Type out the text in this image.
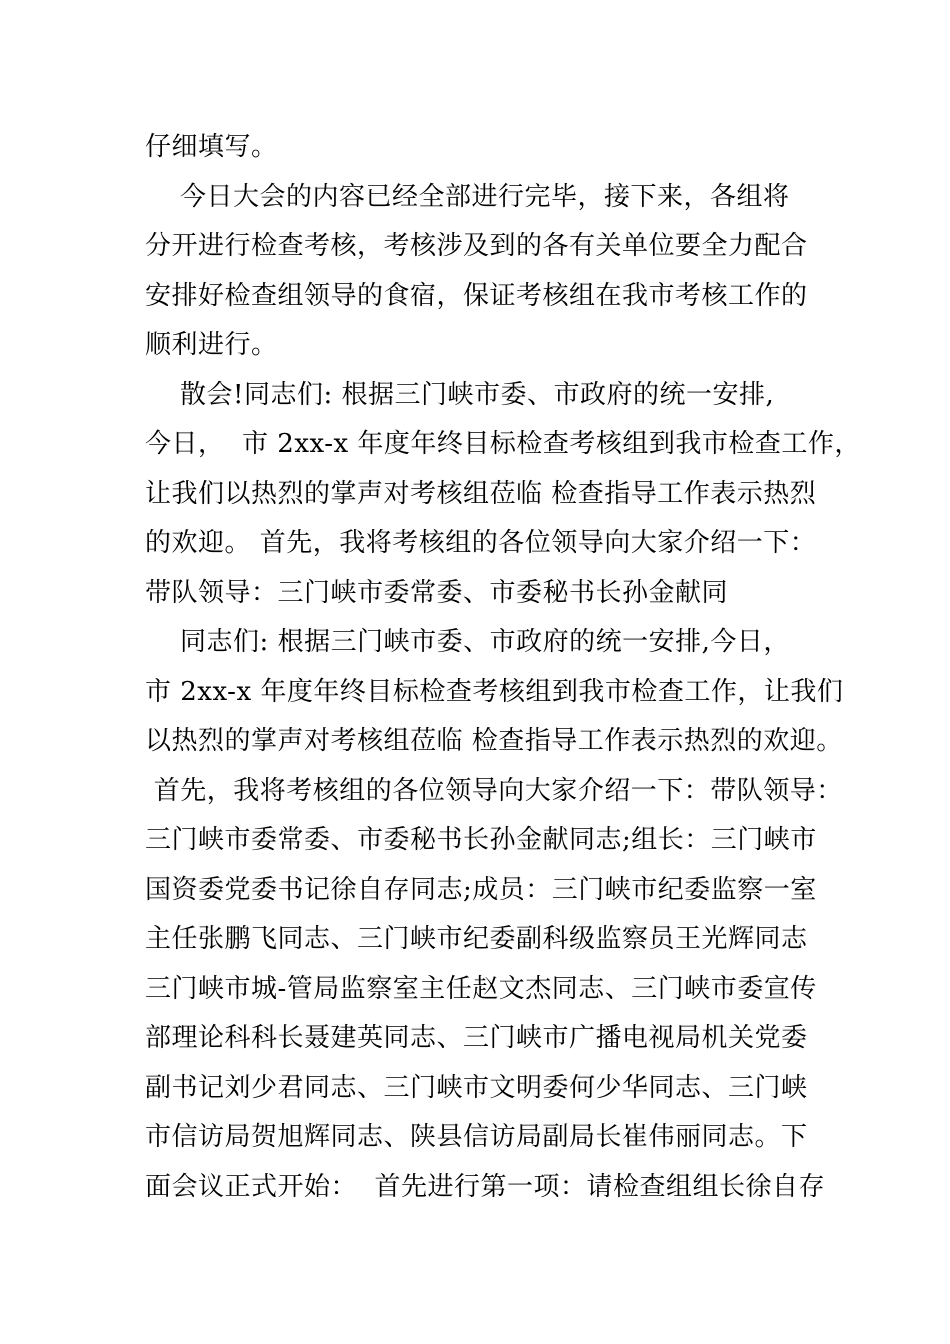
仔细填写。
今日大会的内容已经全部进行完毕，接下来，各组将
分开进行检查考核，考核涉及到的各有关单位要全力配合
安排好检查组领导的食宿，保证考核组在我市考核工作的
顺利进行。
散会!同志们: 根据三门峡市委、市政府的统一安排,
今日，  市 2xx-x 年度年终目标检查考核组到我市检查工作，
让我们以热烈的掌声对考核组莅临 检查指导工作表示热烈
的欢迎。 首先，我将考核组的各位领导向大家介绍一下：
带队领导：三门峡市委常委、市委秘书长孙金献同
同志们: 根据三门峡市委、市政府的统一安排,今日，
市 2xx-x 年度年终目标检查考核组到我市检查工作，让我们
以热烈的掌声对考核组莅临 检查指导工作表示热烈的欢迎。
首先，我将考核组的各位领导向大家介绍一下：带队领导：
三门峡市委常委、市委秘书长孙金献同志;组长：三门峡市
国资委党委书记徐自存同志;成员：三门峡市纪委监察一室
主任张鹏飞同志、三门峡市纪委副科级监察员王光辉同志
三门峡市城-管局监察室主任赵文杰同志、三门峡市委宣传
部理论科科长聂建英同志、三门峡市广播电视局机关党委
副书记刘少君同志、三门峡市文明委何少华同志、三门峡
市信访局贺旭辉同志、陕县信访局副局长崔伟丽同志。下
面会议正式开始：  首先进行第一项：请检查组组长徐自存
